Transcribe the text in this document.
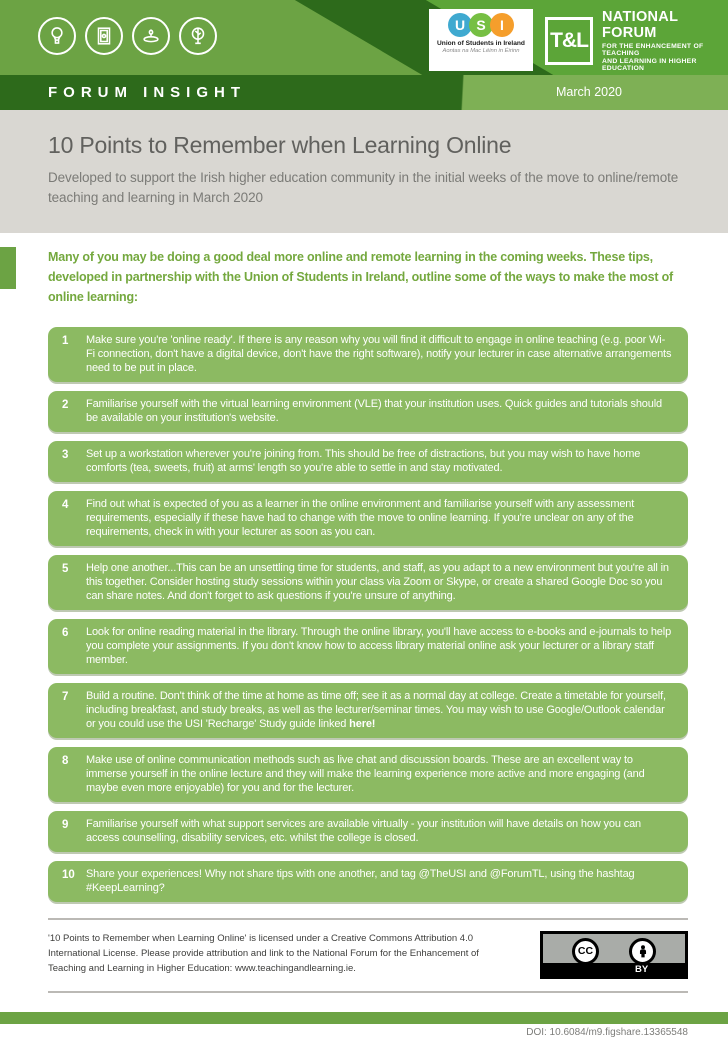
U S	I
Union of Students in Ireland
Aontas na Mac Léinn in Éirinn	T&L
NATIONAL FORUM
FOR THE ENHANCEMENT OF TEACHING
AND LEARNING IN HIGHER EDUCATION
FORUM INSIGHT	March 2020
10 Points to Remember when Learning Online

Developed to support the Irish higher education community in the initial weeks of the move to online/remote teaching and learning in March 2020

Many of you may be doing a good deal more online and remote learning in the coming weeks. These tips, developed in partnership with the Union of Students in Ireland, outline some of the ways to make the most of online learning:

1	Make sure you're 'online ready'. If there is any reason why you will find it difficult to engage in online teaching (e.g. poor Wi-Fi connection, don't have a digital device, don't have the right software), notify your lecturer in case alternative arrangements need to be put in place.
2	Familiarise yourself with the virtual learning environment (VLE) that your institution uses. Quick guides and tutorials should be available on your institution's website.
3	Set up a workstation wherever you're joining from. This should be free of distractions, but you may wish to have home comforts (tea, sweets, fruit) at arms' length so you're able to settle in and stay motivated.
4	Find out what is expected of you as a learner in the online environment and familiarise yourself with any assessment requirements, especially if these have had to change with the move to online learning. If you're unclear on any of the requirements, check in with your lecturer as soon as you can.
5	Help one another...This can be an unsettling time for students, and staff, as you adapt to a new environment but you're all in this together. Consider hosting study sessions within your class via Zoom or Skype, or create a shared Google Doc so you can share notes. And don't forget to ask questions if you're unsure of anything.
6	Look for online reading material in the library. Through the online library, you'll have access to e-books and e-journals to help you complete your assignments. If you don't know how to access library material online ask your lecturer or a library staff member.
7	Build a routine. Don't think of the time at home as time off; see it as a normal day at college. Create a timetable for yourself, including breakfast, and study breaks, as well as the lecturer/seminar times. You may wish to use Google/Outlook calendar or you could use the USI 'Recharge' Study guide linked here!
8	Make use of online communication methods such as live chat and discussion boards. These are an excellent way to immerse yourself in the online lecture and they will make the learning experience more active and more engaging (and maybe even more enjoyable) for you and for the lecturer.
9	Familiarise yourself with what support services are available virtually - your institution will have details on how you can access counselling, disability services, etc. whilst the college is closed.
10	Share your experiences! Why not share tips with one another, and tag @TheUSI and @ForumTL, using the hashtag #KeepLearning?

'10 Points to Remember when Learning Online' is licensed under a Creative Commons Attribution 4.0 International License. Please provide attribution and link to the National Forum for the Enhancement of Teaching and Learning in Higher Education: www.teachingandlearning.ie.

CC
BY

DOI: 10.6084/m9.figshare.13365548
